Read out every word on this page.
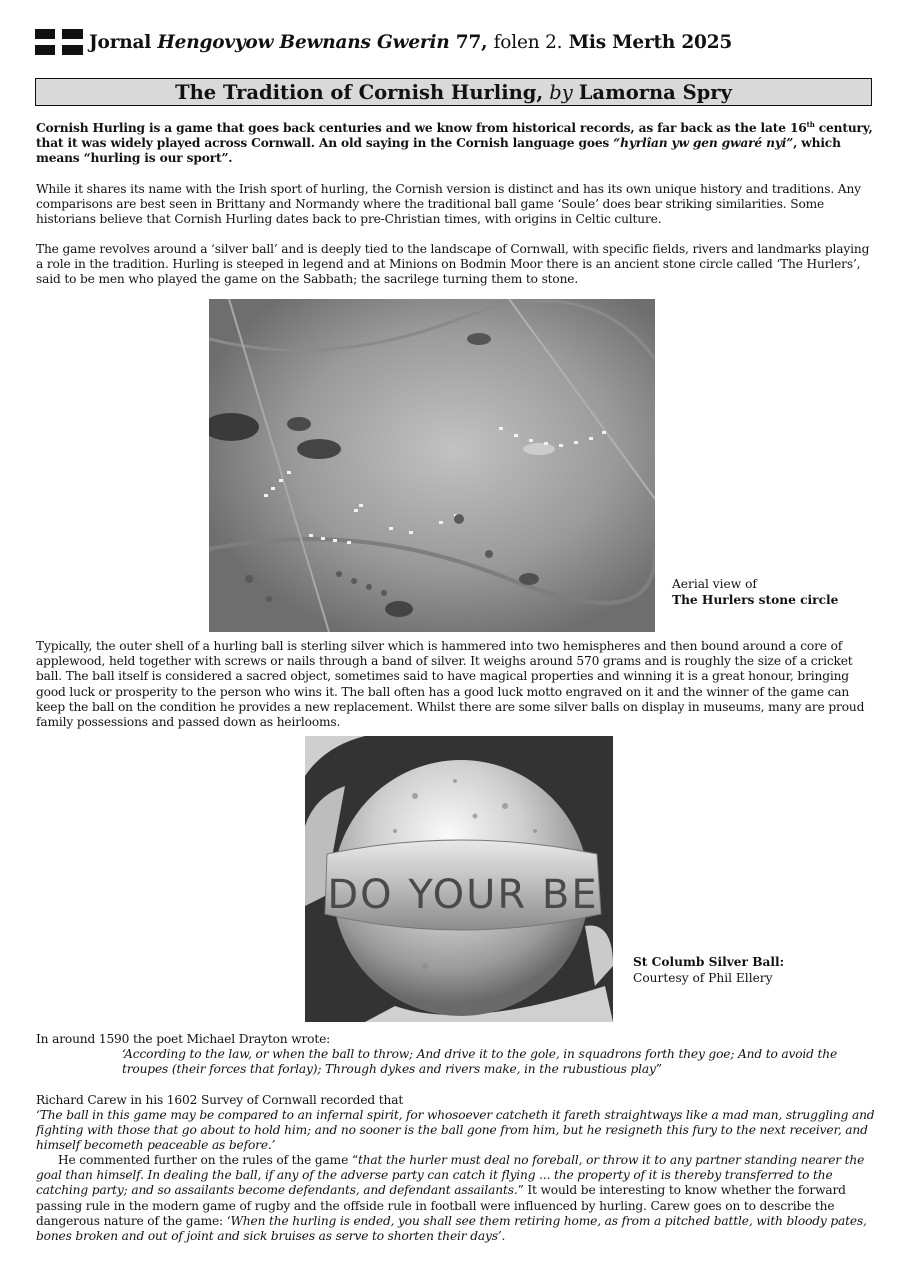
Jornal Hengovyow Bewnans Gwerin 77, folen 2. Mis Merth 2025
The Tradition of Cornish Hurling, by Lamorna Spry
Cornish Hurling is a game that goes back centuries and we know from historical records, as far back as the late 16th century, that it was widely played across Cornwall. An old saying in the Cornish language goes “hyrlîan yw gen gwaré nyi”, which means “hurling is our sport”.
While it shares its name with the Irish sport of hurling, the Cornish version is distinct and has its own unique history and traditions. Any comparisons are best seen in Brittany and Normandy where the traditional ball game ‘Soule’ does bear striking similarities. Some historians believe that Cornish Hurling dates back to pre-Christian times, with origins in Celtic culture.
The game revolves around a ‘silver ball’ and is deeply tied to the landscape of Cornwall, with specific fields, rivers and landmarks playing a role in the tradition. Hurling is steeped in legend and at Minions on Bodmin Moor there is an ancient stone circle called ‘The Hurlers’, said to be men who played the game on the Sabbath; the sacrilege turning them to stone.
Aerial view of
The Hurlers stone circle
Typically, the outer shell of a hurling ball is sterling silver which is hammered into two hemispheres and then bound around a core of applewood, held together with screws or nails through a band of silver. It weighs around 570 grams and is roughly the size of a cricket ball. The ball itself is considered a sacred object, sometimes said to have magical properties and winning it is a great honour, bringing good luck or prosperity to the person who wins it. The ball often has a good luck motto engraved on it and the winner of the game can keep the ball on the condition he provides a new replacement. Whilst there are some silver balls on display in museums, many are proud family possessions and passed down as heirlooms.
DO YOUR BE
St Columb Silver Ball:
Courtesy of Phil Ellery
In around 1590 the poet Michael Drayton wrote:
‘According to the law, or when the ball to throw; And drive it to the gole, in squadrons forth they goe; And to avoid the troupes (their forces that forlay); Through dykes and rivers make, in the rubustious play”
Richard Carew in his 1602 Survey of Cornwall recorded that
‘The ball in this game may be compared to an infernal spirit, for whosoever catcheth it fareth straightways like a mad man, struggling and fighting with those that go about to hold him; and no sooner is the ball gone from him, but he resigneth this fury to the next receiver, and himself becometh peaceable as before.’
He commented further on the rules of the game “that the hurler must deal no foreball, or throw it to any partner standing nearer the goal than himself. In dealing the ball, if any of the adverse party can catch it flying ... the property of it is thereby transferred to the catching party; and so assailants become defendants, and defendant assailants.” It would be interesting to know whether the forward passing rule in the modern game of rugby and the offside rule in football were influenced by hurling. Carew goes on to describe the dangerous nature of the game: ‘When the hurling is ended, you shall see them retiring home, as from a pitched battle, with bloody pates, bones broken and out of joint and sick bruises as serve to shorten their days’.
